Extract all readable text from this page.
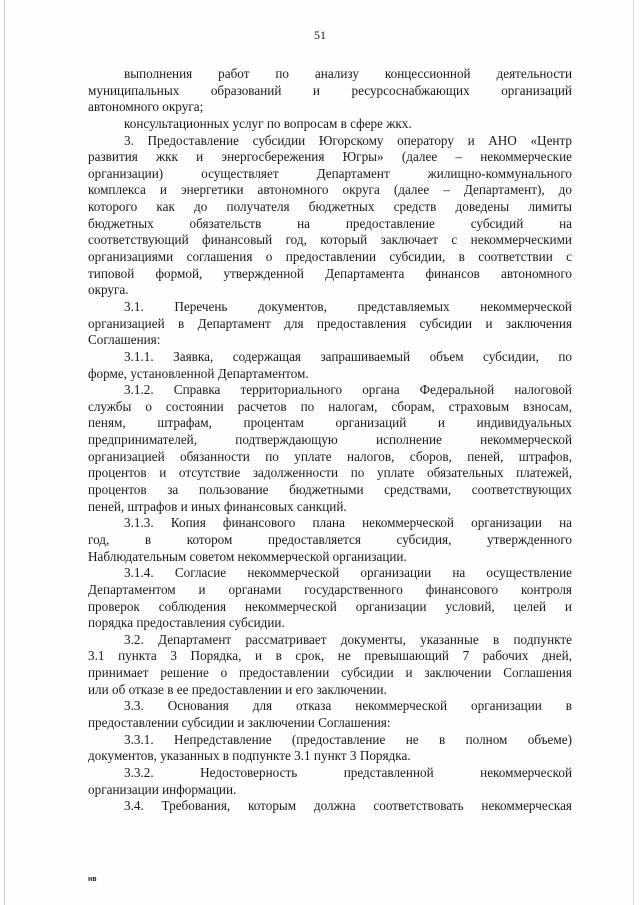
51
выполнения работ по анализу концессионной деятельности
муниципальных образований и ресурсоснабжающих организаций
автономного округа;
консультационных услуг по вопросам в сфере жкх.
3. Предоставление субсидии Югорскому оператору и АНО «Центр
развития жкк и энергосбережения Югры» (далее – некоммерческие
организации) осуществляет Департамент жилищно-коммунального
комплекса и энергетики автономного округа (далее – Департамент), до
которого как до получателя бюджетных средств доведены лимиты
бюджетных обязательств на предоставление субсидий на
соответствующий финансовый год, который заключает с некоммерческими
организациями соглашения о предоставлении субсидии, в соответствии с
типовой формой, утвержденной Департамента финансов автономного
округа.
3.1. Перечень документов, представляемых некоммерческой
организацией в Департамент для предоставления субсидии и заключения
Соглашения:
3.1.1. Заявка, содержащая запрашиваемый объем субсидии, по
форме, установленной Департаментом.
3.1.2. Справка территориального органа Федеральной налоговой
службы о состоянии расчетов по налогам, сборам, страховым взносам,
пеням, штрафам, процентам организаций и индивидуальных
предпринимателей, подтверждающую исполнение некоммерческой
организацией обязанности по уплате налогов, сборов, пеней, штрафов,
процентов и отсутствие задолженности по уплате обязательных платежей,
процентов за пользование бюджетными средствами, соответствующих
пеней, штрафов и иных финансовых санкций.
3.1.3. Копия финансового плана некоммерческой организации на
год, в котором предоставляется субсидия, утвержденного
Наблюдательным советом некоммерческой организации.
3.1.4. Согласие некоммерческой организации на осуществление
Департаментом и органами государственного финансового контроля
проверок соблюдения некоммерческой организации условий, целей и
порядка предоставления субсидии.
3.2. Департамент рассматривает документы, указанные в подпункте
3.1 пункта 3 Порядка, и в срок, не превышающий 7 рабочих дней,
принимает решение о предоставлении субсидии и заключении Соглашения
или об отказе в ее предоставлении и его заключении.
3.3. Основания для отказа некоммерческой организации в
предоставлении субсидии и заключении Соглашения:
3.3.1. Непредставление (предоставление не в полном объеме)
документов, указанных в подпункте 3.1 пункт 3 Порядка.
3.3.2. Недостоверность представленной некоммерческой
организации информации.
3.4. Требования, которым должна соответствовать некоммерческая
нв
